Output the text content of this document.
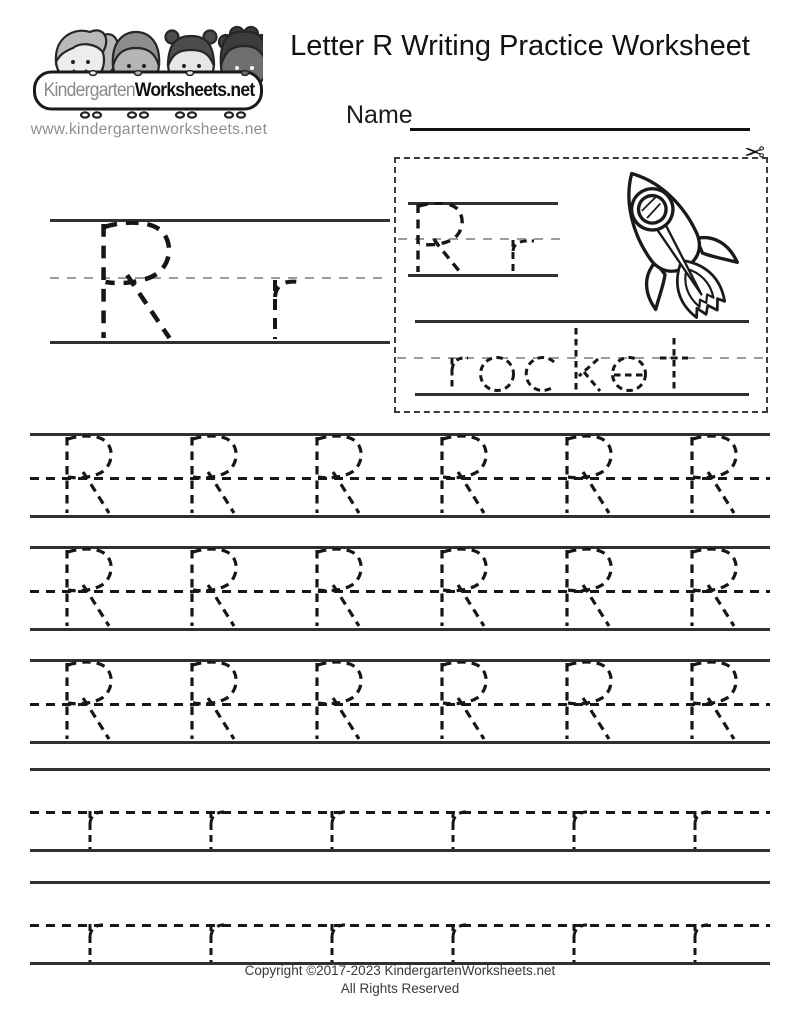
Kindergarten Worksheets.net
www.kindergartenworksheets.net
Letter R Writing Practice Worksheet
Name
✂
Copyright ©2017-2023 KindergartenWorksheets.net
All Rights Reserved
